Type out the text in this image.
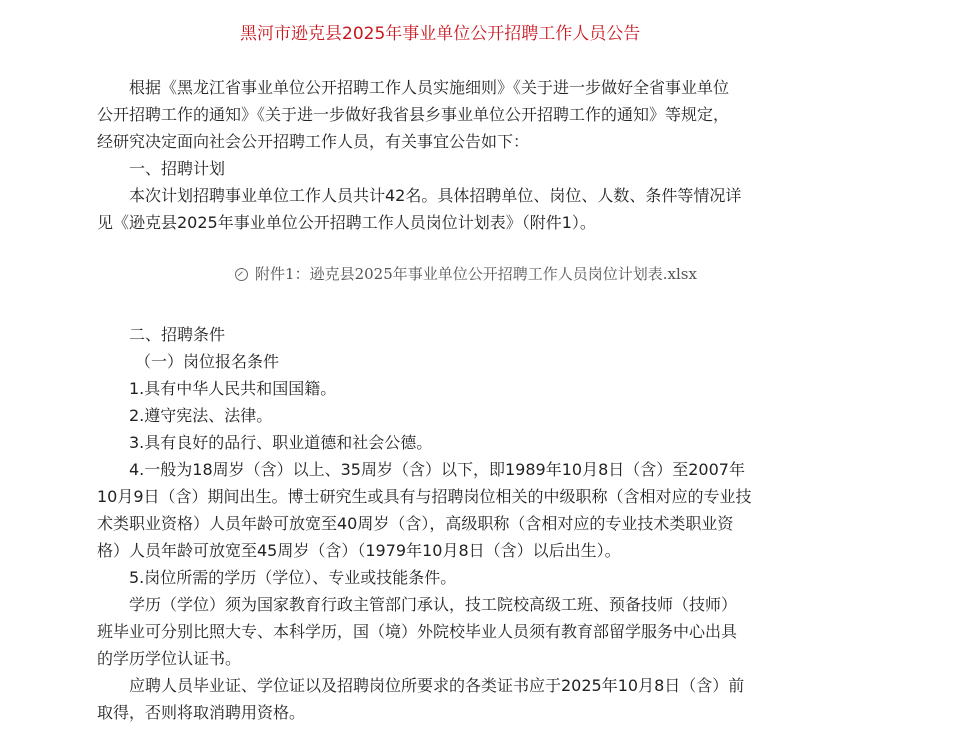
黑河市逊克县2025年事业单位公开招聘工作人员公告

根据《黑龙江省事业单位公开招聘工作人员实施细则》《关于进一步做好全省事业单位

公开招聘工作的通知》《关于进一步做好我省县乡事业单位公开招聘工作的通知》等规定，

经研究决定面向社会公开招聘工作人员，有关事宜公告如下：

一、招聘计划

本次计划招聘事业单位工作人员共计42名。具体招聘单位、岗位、人数、条件等情况详

见《逊克县2025年事业单位公开招聘工作人员岗位计划表》（附件1）。

附件1：逊克县2025年事业单位公开招聘工作人员岗位计划表.xlsx

二、招聘条件

（一）岗位报名条件

1.具有中华人民共和国国籍。

2.遵守宪法、法律。

3.具有良好的品行、职业道德和社会公德。

4.一般为18周岁（含）以上、35周岁（含）以下，即1989年10月8日（含）至2007年

10月9日（含）期间出生。博士研究生或具有与招聘岗位相关的中级职称（含相对应的专业技

术类职业资格）人员年龄可放宽至40周岁（含），高级职称（含相对应的专业技术类职业资

格）人员年龄可放宽至45周岁（含）（1979年10月8日（含）以后出生）。

5.岗位所需的学历（学位）、专业或技能条件。

学历（学位）须为国家教育行政主管部门承认，技工院校高级工班、预备技师（技师）

班毕业可分别比照大专、本科学历，国（境）外院校毕业人员须有教育部留学服务中心出具

的学历学位认证书。

应聘人员毕业证、学位证以及招聘岗位所要求的各类证书应于2025年10月8日（含）前

取得，否则将取消聘用资格。
